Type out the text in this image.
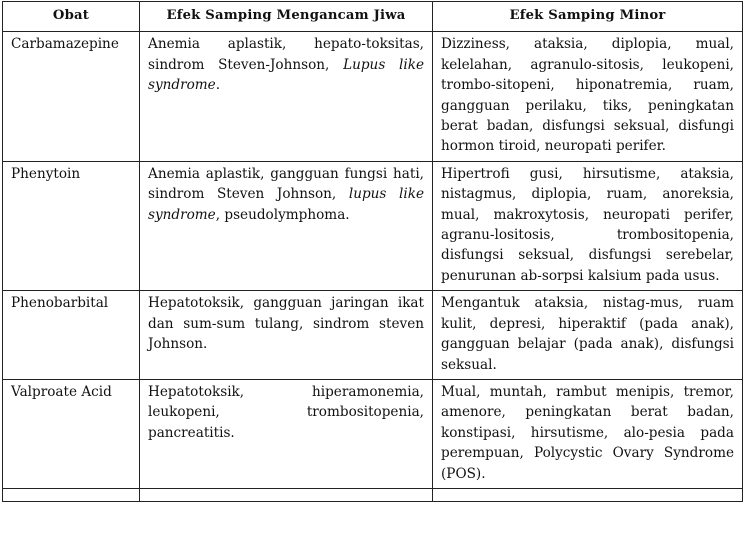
Obat	Efek Samping Mengancam Jiwa	Efek Samping Minor
Carbamazepine	Anemia aplastik, hepato-toksitas, sindrom Steven-Johnson, Lupus like syndrome.	Dizziness, ataksia, diplopia, mual, kelelahan, agranulo-sitosis, leukopeni, trombo-sitopeni, hiponatremia, ruam, gangguan perilaku, tiks, peningkatan berat badan, disfungsi seksual, disfungi hormon tiroid, neuropati perifer.
Phenytoin	Anemia aplastik, gangguan fungsi hati, sindrom Steven Johnson, lupus like syndrome, pseudolymphoma.	Hipertrofi gusi, hirsutisme, ataksia, nistagmus, diplopia, ruam, anoreksia, mual, makroxytosis, neuropati perifer, agranu-lositosis, trombositopenia, disfungsi seksual, disfungsi serebelar, penurunan ab-sorpsi kalsium pada usus.
Phenobarbital	Hepatotoksik, gangguan jaringan ikat dan sum-sum tulang, sindrom steven Johnson.	Mengantuk ataksia, nistag-mus, ruam kulit, depresi, hiperaktif (pada anak), gangguan belajar (pada anak), disfungsi seksual.
Valproate Acid	Hepatotoksik, hiperamonemia, leukopeni, trombositopenia, pancreatitis.	Mual, muntah, rambut menipis, tremor, amenore, peningkatan berat badan, konstipasi, hirsutisme, alo-pesia pada perempuan, Polycystic Ovary Syndrome (POS).
